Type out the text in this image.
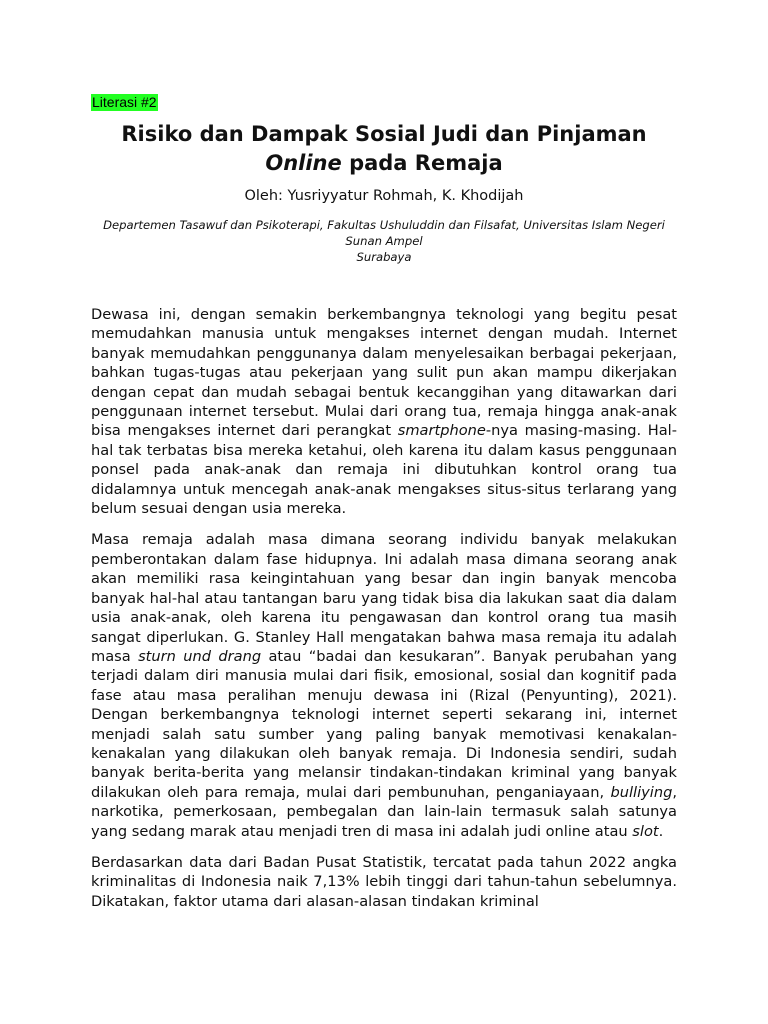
Literasi #2
Risiko dan Dampak Sosial Judi dan Pinjaman
Online pada Remaja

Oleh: Yusriyyatur Rohmah, K. Khodijah

Departemen Tasawuf dan Psikoterapi, Fakultas Ushuluddin dan Filsafat, Universitas Islam Negeri Sunan Ampel
Surabaya

Dewasa ini, dengan semakin berkembangnya teknologi yang begitu pesat memudahkan manusia untuk mengakses internet dengan mudah. Internet banyak memudahkan penggunanya dalam menyelesaikan berbagai pekerjaan, bahkan tugas-tugas atau pekerjaan yang sulit pun akan mampu dikerjakan dengan cepat dan mudah sebagai bentuk kecanggihan yang ditawarkan dari penggunaan internet tersebut. Mulai dari orang tua, remaja hingga anak-anak bisa mengakses internet dari perangkat smartphone-nya masing-masing. Hal-hal tak terbatas bisa mereka ketahui, oleh karena itu dalam kasus penggunaan ponsel pada anak-anak dan remaja ini dibutuhkan kontrol orang tua didalamnya untuk mencegah anak-anak mengakses situs-situs terlarang yang belum sesuai dengan usia mereka.

Masa remaja adalah masa dimana seorang individu banyak melakukan pemberontakan dalam fase hidupnya. Ini adalah masa dimana seorang anak akan memiliki rasa keingintahuan yang besar dan ingin banyak mencoba banyak hal-hal atau tantangan baru yang tidak bisa dia lakukan saat dia dalam usia anak-anak, oleh karena itu pengawasan dan kontrol orang tua masih sangat diperlukan. G. Stanley Hall mengatakan bahwa masa remaja itu adalah masa sturn und drang atau “badai dan kesukaran”. Banyak perubahan yang terjadi dalam diri manusia mulai dari fisik, emosional, sosial dan kognitif pada fase atau masa peralihan menuju dewasa ini (Rizal (Penyunting), 2021). Dengan berkembangnya teknologi internet seperti sekarang ini, internet menjadi salah satu sumber yang paling banyak memotivasi kenakalan-kenakalan yang dilakukan oleh banyak remaja. Di Indonesia sendiri, sudah banyak berita-berita yang melansir tindakan-tindakan kriminal yang banyak dilakukan oleh para remaja, mulai dari pembunuhan, penganiayaan, bulliying, narkotika, pemerkosaan, pembegalan dan lain-lain termasuk salah satunya yang sedang marak atau menjadi tren di masa ini adalah judi online atau slot.

Berdasarkan data dari Badan Pusat Statistik, tercatat pada tahun 2022 angka kriminalitas di Indonesia naik 7,13% lebih tinggi dari tahun-tahun sebelumnya. Dikatakan, faktor utama dari alasan-alasan tindakan kriminal
